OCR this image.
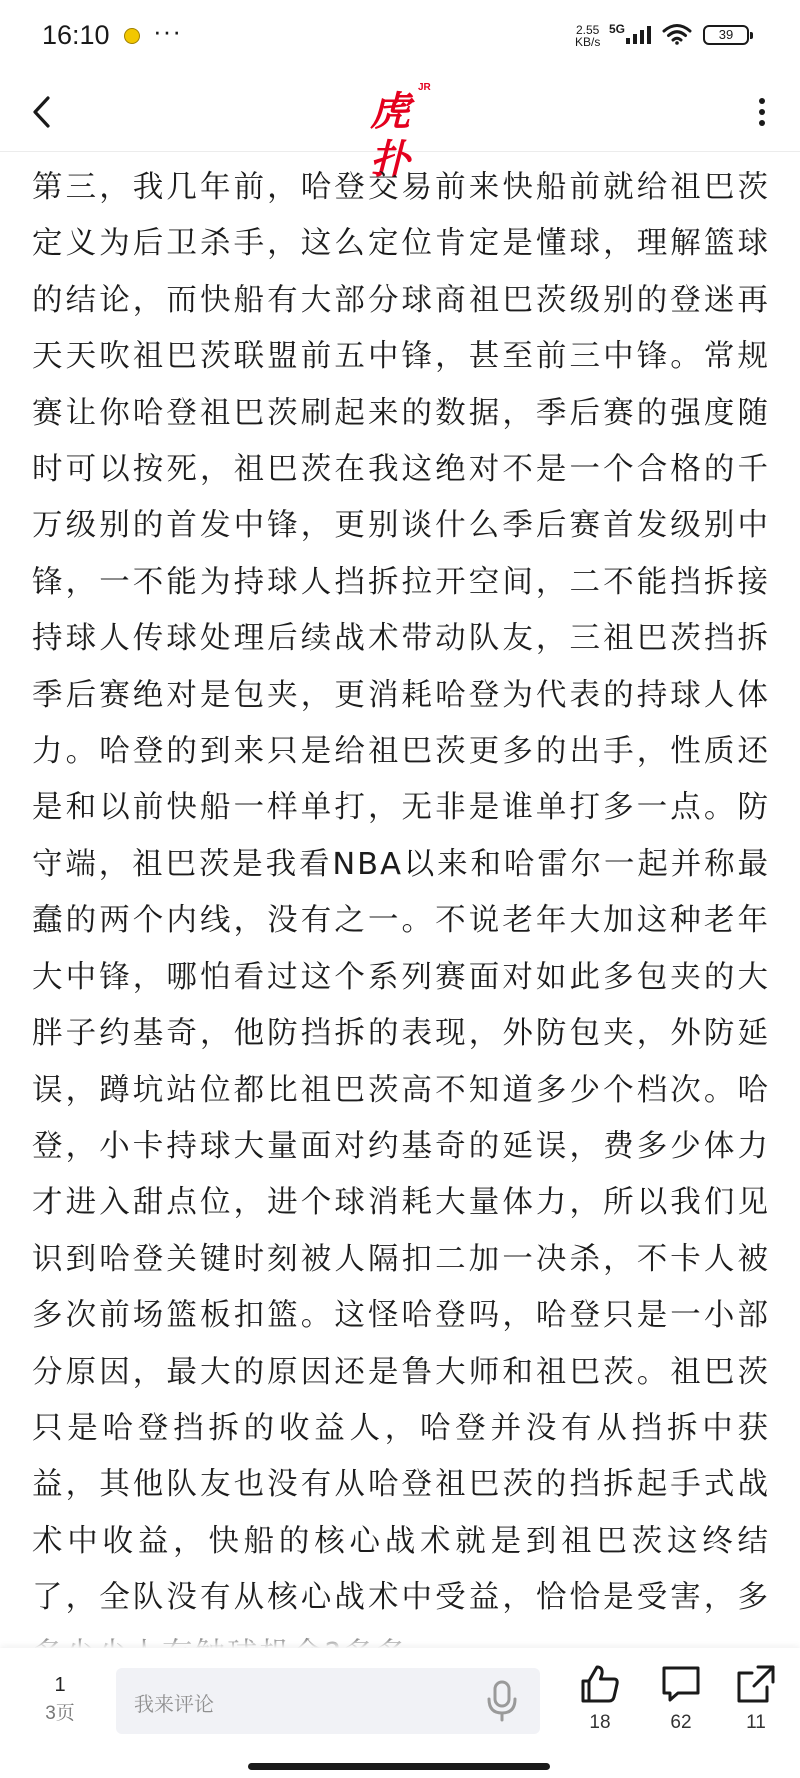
16:10 ···	2.55
KB/s
5G	39
虎扑
JR

第三，我几年前，哈登交易前来快船前就给祖巴茨定义为后卫杀手，这么定位肯定是懂球，理解篮球的结论，而快船有大部分球商祖巴茨级别的登迷再天天吹祖巴茨联盟前五中锋，甚至前三中锋。常规赛让你哈登祖巴茨刷起来的数据，季后赛的强度随时可以按死，祖巴茨在我这绝对不是一个合格的千万级别的首发中锋，更别谈什么季后赛首发级别中锋，一不能为持球人挡拆拉开空间，二不能挡拆接持球人传球处理后续战术带动队友，三祖巴茨挡拆季后赛绝对是包夹，更消耗哈登为代表的持球人体力。哈登的到来只是给祖巴茨更多的出手，性质还是和以前快船一样单打，无非是谁单打多一点。防守端，祖巴茨是我看NBA以来和哈雷尔一起并称最蠢的两个内线，没有之一。不说老年大加这种老年大中锋，哪怕看过这个系列赛面对如此多包夹的大胖子约基奇，他防挡拆的表现，外防包夹，外防延误，蹲坑站位都比祖巴茨高不知道多少个档次。哈登，小卡持球大量面对约基奇的延误，费多少体力才进入甜点位，进个球消耗大量体力，所以我们见识到哈登关键时刻被人隔扣二加一决杀，不卡人被多次前场篮板扣篮。这怪哈登吗，哈登只是一小部分原因，最大的原因还是鲁大师和祖巴茨。祖巴茨只是哈登挡拆的收益人，哈登并没有从挡拆中获益，其他队友也没有从哈登祖巴茨的挡拆起手式战术中收益，快船的核心战术就是到祖巴茨这终结了，全队没有从核心战术中受益，恰恰是受害，多

1
3页	我来评论
18	62	11
